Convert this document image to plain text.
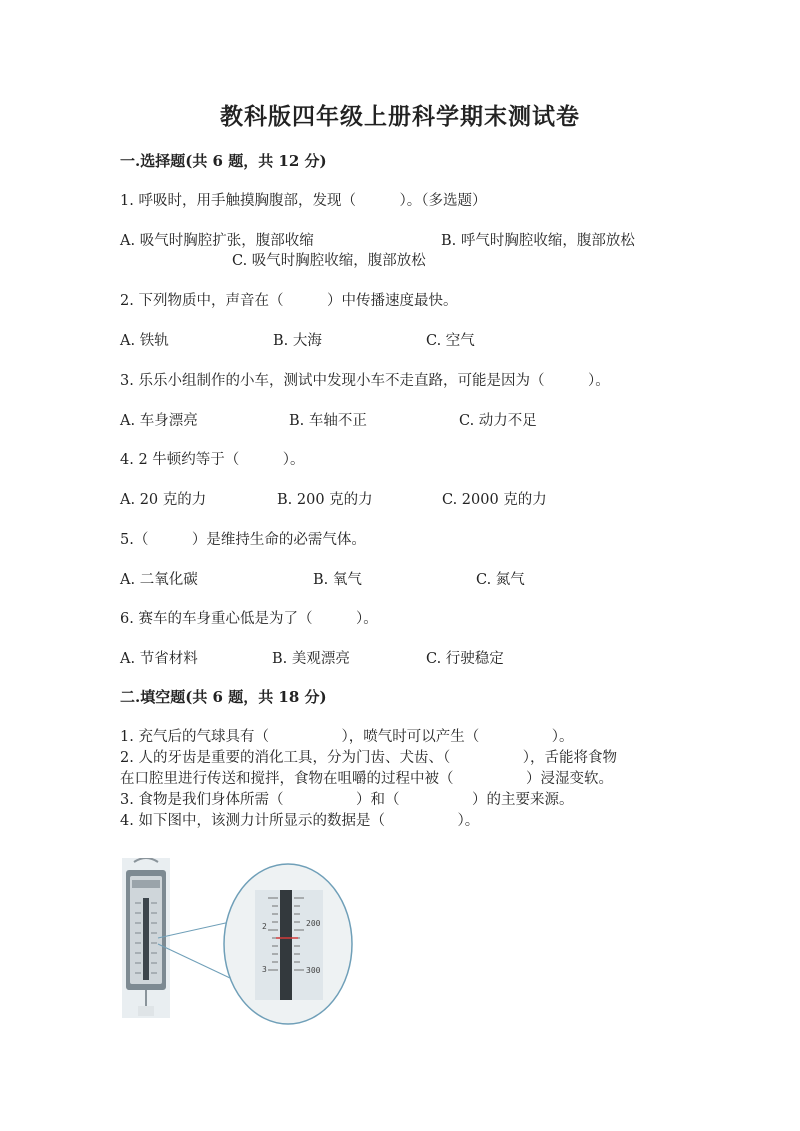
教科版四年级上册科学期末测试卷
一.选择题(共 6 题，共 12 分)
1. 呼吸时，用手触摸胸腹部，发现（　　　）。（多选题）
A. 吸气时胸腔扩张，腹部收缩	B. 呼气时胸腔收缩，腹部放松
C. 吸气时胸腔收缩，腹部放松
2. 下列物质中，声音在（　　　）中传播速度最快。
A. 铁轨	B. 大海	C. 空气
3. 乐乐小组制作的小车，测试中发现小车不走直路，可能是因为（　　　）。
A. 车身漂亮	B. 车轴不正	C. 动力不足
4. 2 牛顿约等于（　　　）。
A. 20 克的力	B. 200 克的力	C. 2000 克的力
5.（　　　）是维持生命的必需气体。
A. 二氧化碳	B. 氧气	C. 氮气
6. 赛车的车身重心低是为了（　　　）。
A. 节省材料	B. 美观漂亮	C. 行驶稳定
二.填空题(共 6 题，共 18 分)
1. 充气后的气球具有（　　　　　），喷气时可以产生（　　　　　）。
2. 人的牙齿是重要的消化工具，分为门齿、犬齿、（　　　　　），舌能将食物
在口腔里进行传送和搅拌，食物在咀嚼的过程中被（　　　　　）浸湿变软。
3. 食物是我们身体所需（　　　　　）和（　　　　　）的主要来源。
4. 如下图中，该测力计所显示的数据是（　　　　　）。
2
3
200
300
